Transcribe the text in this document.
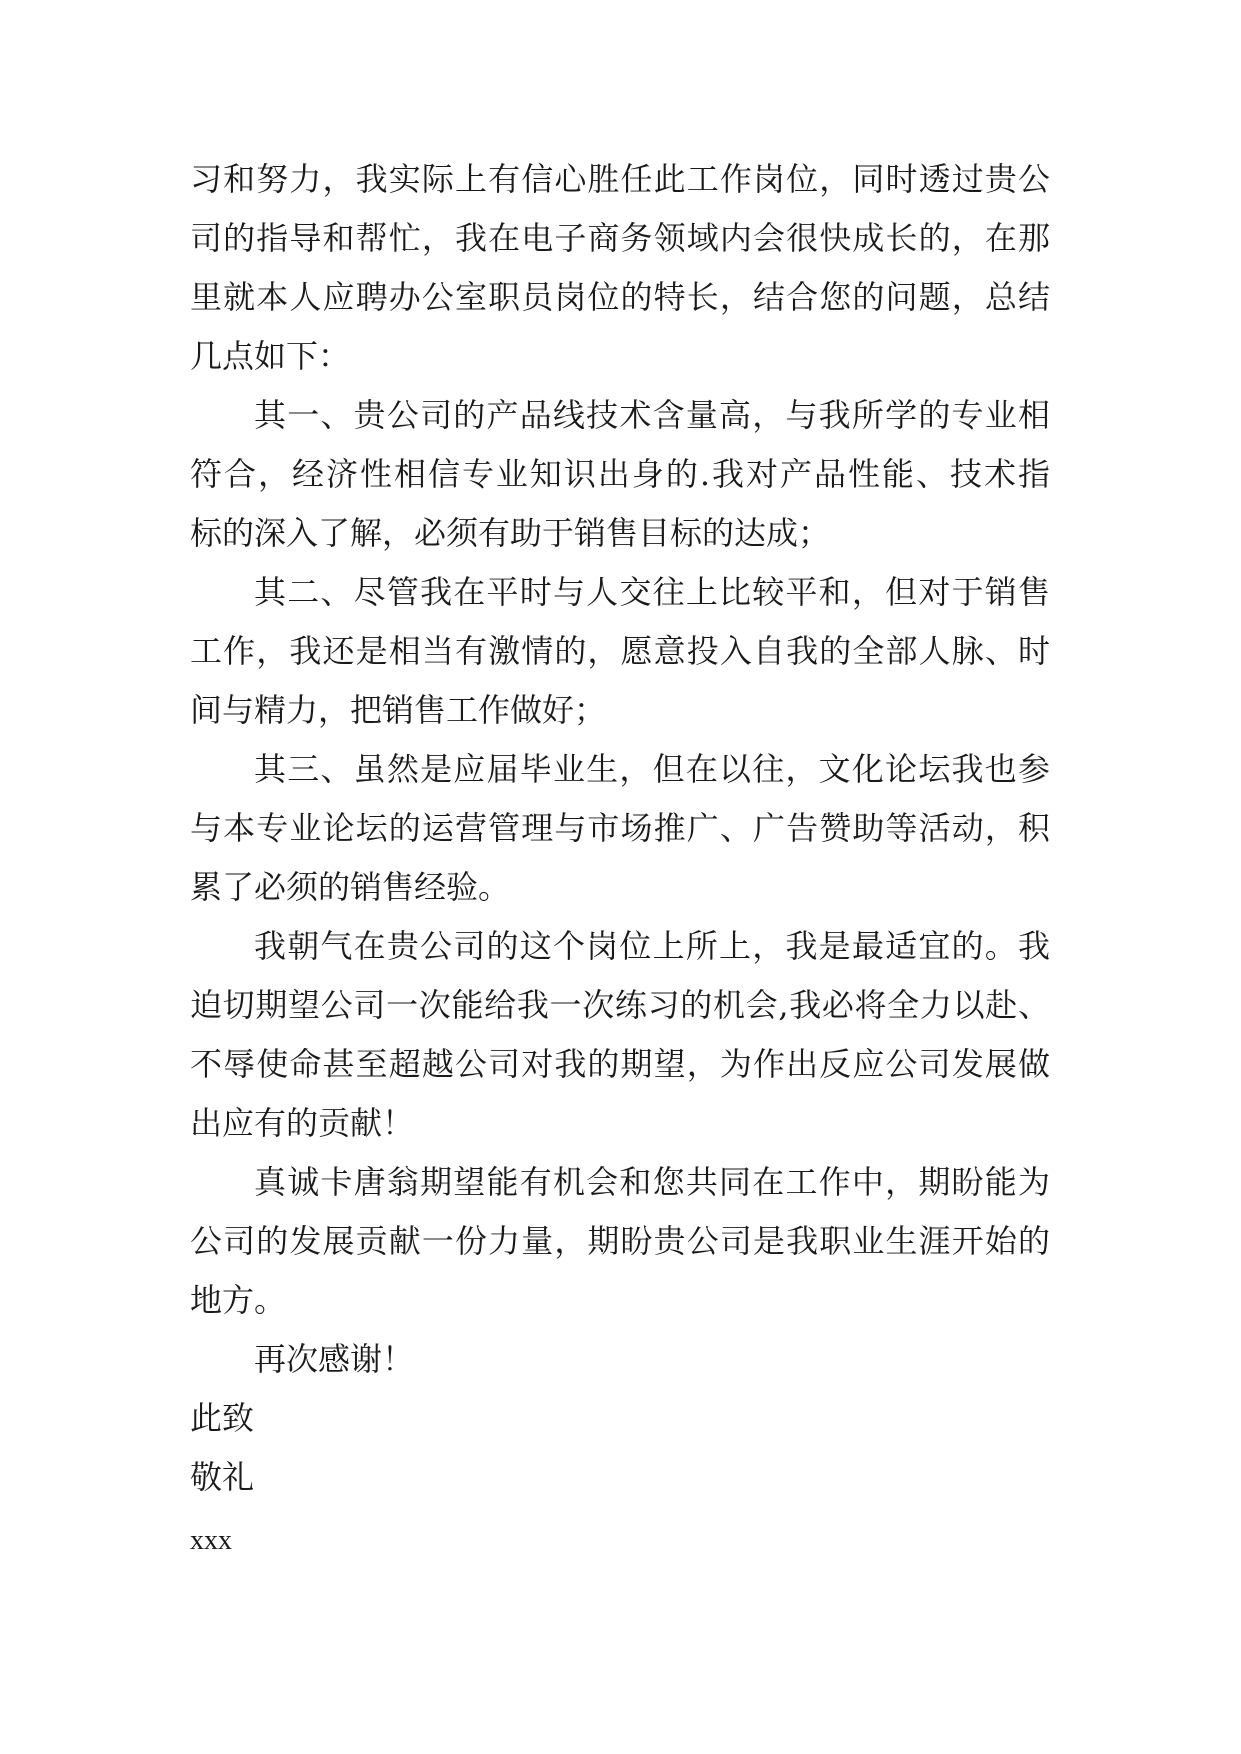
习和努力，我实际上有信心胜任此工作岗位，同时透过贵公
司的指导和帮忙，我在电子商务领域内会很快成长的，在那
里就本人应聘办公室职员岗位的特长，结合您的问题，总结
几点如下：
其一、贵公司的产品线技术含量高，与我所学的专业相
符合，经济性相信专业知识出身的.我对产品性能、技术指
标的深入了解，必须有助于销售目标的达成；
其二、尽管我在平时与人交往上比较平和，但对于销售
工作，我还是相当有激情的，愿意投入自我的全部人脉、时
间与精力，把销售工作做好；
其三、虽然是应届毕业生，但在以往，文化论坛我也参
与本专业论坛的运营管理与市场推广、广告赞助等活动，积
累了必须的销售经验。
我朝气在贵公司的这个岗位上所上，我是最适宜的。我
迫切期望公司一次能给我一次练习的机会,我必将全力以赴、
不辱使命甚至超越公司对我的期望，为作出反应公司发展做
出应有的贡献！
真诚卡唐翁期望能有机会和您共同在工作中，期盼能为
公司的发展贡献一份力量，期盼贵公司是我职业生涯开始的
地方。
再次感谢！
此致
敬礼
xxx
